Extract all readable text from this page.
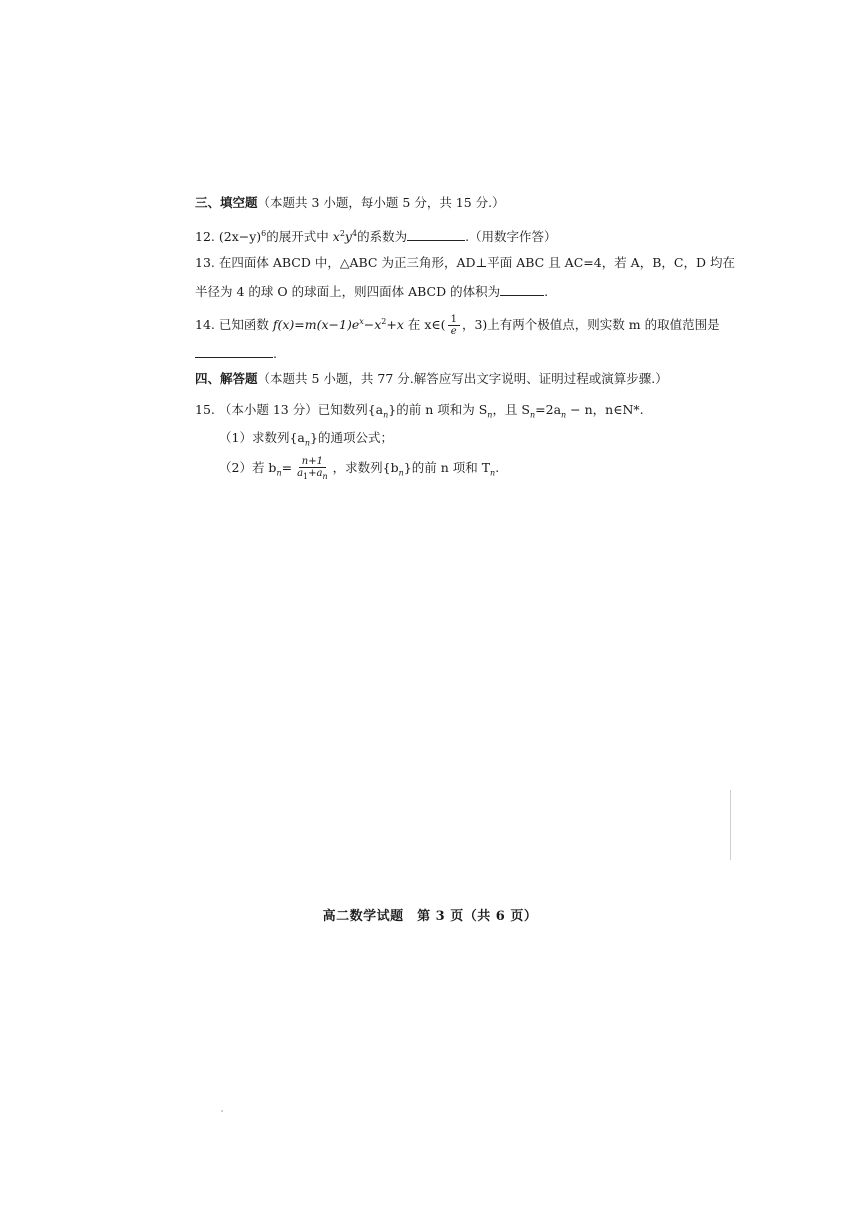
三、填空题（本题共 3 小题，每小题 5 分，共 15 分.）
12. $(2x-y)^6$的展开式中 $x^2y^4$的系数为	.（用数字作答）
13. 在四面体 ABCD 中，△ABC 为正三角形，AD⊥平面 ABC 且 AC=4，若 A，B，C，D 均在
半径为 4 的球 O 的球面上，则四面体 ABCD 的体积为	.
14. 已知函数 $f(x)=m(x-1)e^x-x^2+x$ 在 x∈( $\frac{1}{e}$ ，3)上有两个极值点，则实数 m 的取值范围是
.
四、解答题（本题共 5 小题，共 77 分.解答应写出文字说明、证明过程或演算步骤.）
15. （本小题 13 分）已知数列$\{a_n\}$的前 n 项和为 $S_n$，且 $S_n=2a_n - n$，n∈N*.
（1）求数列$\{a_n\}$的通项公式；
（2）若 $b_n= \frac{n+1}{a_1+a_n}$ ，求数列$\{b_n\}$的前 n 项和 $T_n$.
高二数学试题　第 3 页（共 6 页）
